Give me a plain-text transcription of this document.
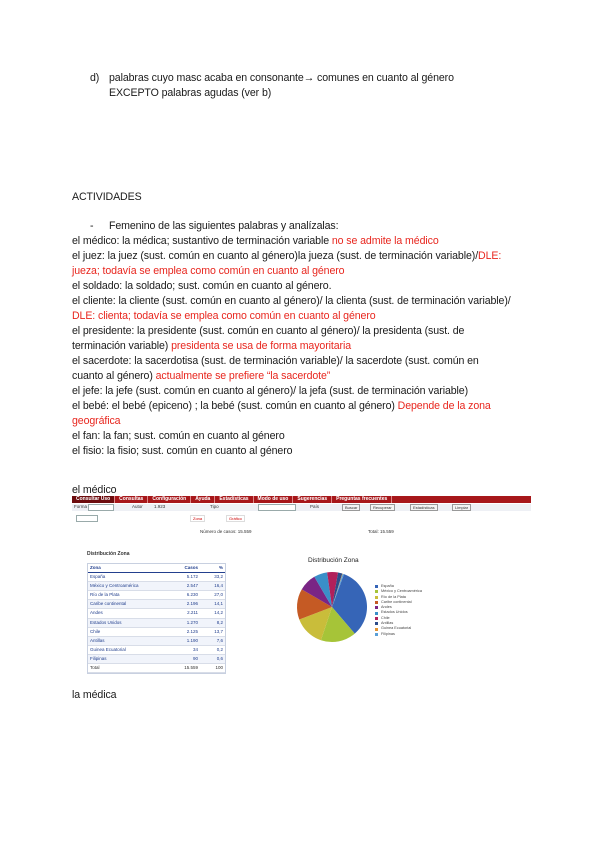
d) palabras cuyo masc acaba en consonante→ comunes en cuanto al género
EXCEPTO palabras agudas (ver b)
ACTIVIDADES
- Femenino de las siguientes palabras y analízalas:

el médico: la médica; sustantivo de terminación variable no se admite la médico

el juez: la juez (sust. común en cuanto al género)la jueza (sust. de terminación variable)/DLE: jueza; todavía se emplea como común en cuanto al género

el soldado: la soldado; sust. común en cuanto al género.

el cliente: la cliente (sust. común en cuanto al género)/ la clienta (sust. de terminación variable)/ DLE: clienta; todavía se emplea como común en cuanto al género

el presidente: la presidente (sust. común en cuanto al género)/ la presidenta (sust. de terminación variable) presidenta se usa de forma mayoritaria

el sacerdote: la sacerdotisa (sust. de terminación variable)/ la sacerdote (sust. común en cuanto al género) actualmente se prefiere “la sacerdote”

el jefe: la jefe (sust. común en cuanto al género)/ la jefa (sust. de terminación variable)

el bebé: el bebé (epiceno) ; la bebé (sust. común en cuanto al género) Depende de la zona geográfica

el fan: la fan; sust. común en cuanto al género

el fisio: la fisio; sust. común en cuanto al género

el médico
Consultar Uso	Consultas	Configuración	Ayuda	Estadísticas	Modo de uso	Sugerencias	Preguntas frecuentes
Forma	Autor 1.923	Tipo	País	Buscar	Recuperar	Estadísticas	Limpiar
Zona	Gráfico
Número de casos: 15.559	Total: 15.559
Distribución Zona
Zona	Casos	%
España	5.172	33,2
México y Centroamérica	2.547	16,4
Río de la Plata	6.230	27,0
Caribe continental	2.196	14,1
Andes	2.211	14,2
Estados Unidos	1.270	8,2
Chile	2.125	13,7
Antillas	1.190	7,6
Guinea Ecuatorial	34	0,2
Filipinas	90	0,6
Total	15.559	100
Distribución Zona
España
México y Centroamérica
Río de la Plata
Caribe continental
Andes
Estados Unidos
Chile
Antillas
Guinea Ecuatorial
Filipinas
la médica
